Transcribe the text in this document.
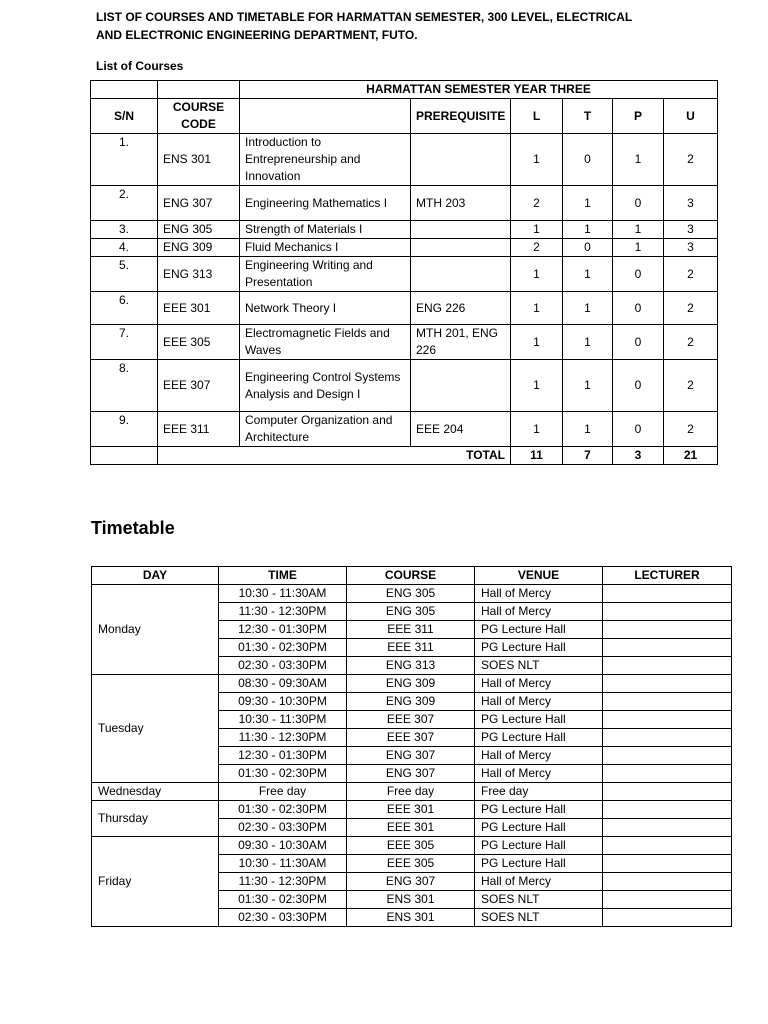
LIST OF COURSES AND TIMETABLE FOR HARMATTAN SEMESTER, 300 LEVEL, ELECTRICAL AND ELECTRONIC ENGINEERING DEPARTMENT, FUTO.
List of Courses
		HARMATTAN SEMESTER YEAR THREE					
S/N	COURSE CODE		PREREQUISITE	L	T	P	U
1.	ENS 301	Introduction to Entrepreneurship and Innovation		1	0	1	2
2.	ENG 307	Engineering Mathematics I	MTH 203	2	1	0	3
3.	ENG 305	Strength of Materials I		1	1	1	3
4.	ENG 309	Fluid Mechanics I		2	0	1	3
5.	ENG 313	Engineering Writing and Presentation		1	1	0	2
6.	EEE 301	Network Theory I	ENG 226	1	1	0	2
7.	EEE 305	Electromagnetic Fields and Waves	MTH 201, ENG 226	1	1	0	2
8.	EEE 307	Engineering Control Systems Analysis and Design I		1	1	0	2
9.	EEE 311	Computer Organization and Architecture	EEE 204	1	1	0	2
	TOTAL			11	7	3	21
Timetable
DAY	TIME	COURSE	VENUE	LECTURER
Monday	10:30 - 11:30AM	ENG 305	Hall of Mercy	
	11:30 - 12:30PM	ENG 305	Hall of Mercy	
	12:30 - 01:30PM	EEE 311	PG Lecture Hall	
	01:30 - 02:30PM	EEE 311	PG Lecture Hall	
	02:30 - 03:30PM	ENG 313	SOES NLT	
Tuesday	08:30 - 09:30AM	ENG 309	Hall of Mercy	
	09:30 - 10:30PM	ENG 309	Hall of Mercy	
	10:30 - 11:30PM	EEE 307	PG Lecture Hall	
	11:30 - 12:30PM	EEE 307	PG Lecture Hall	
	12:30 - 01:30PM	ENG 307	Hall of Mercy	
	01:30 - 02:30PM	ENG 307	Hall of Mercy	
Wednesday	Free day	Free day	Free day	
Thursday	01:30 - 02:30PM	EEE 301	PG Lecture Hall	
	02:30 - 03:30PM	EEE 301	PG Lecture Hall	
Friday	09:30 - 10:30AM	EEE 305	PG Lecture Hall	
	10:30 - 11:30AM	EEE 305	PG Lecture Hall	
	11:30 - 12:30PM	ENG 307	Hall of Mercy	
	01:30 - 02:30PM	ENS 301	SOES NLT	
	02:30 - 03:30PM	ENS 301	SOES NLT	
